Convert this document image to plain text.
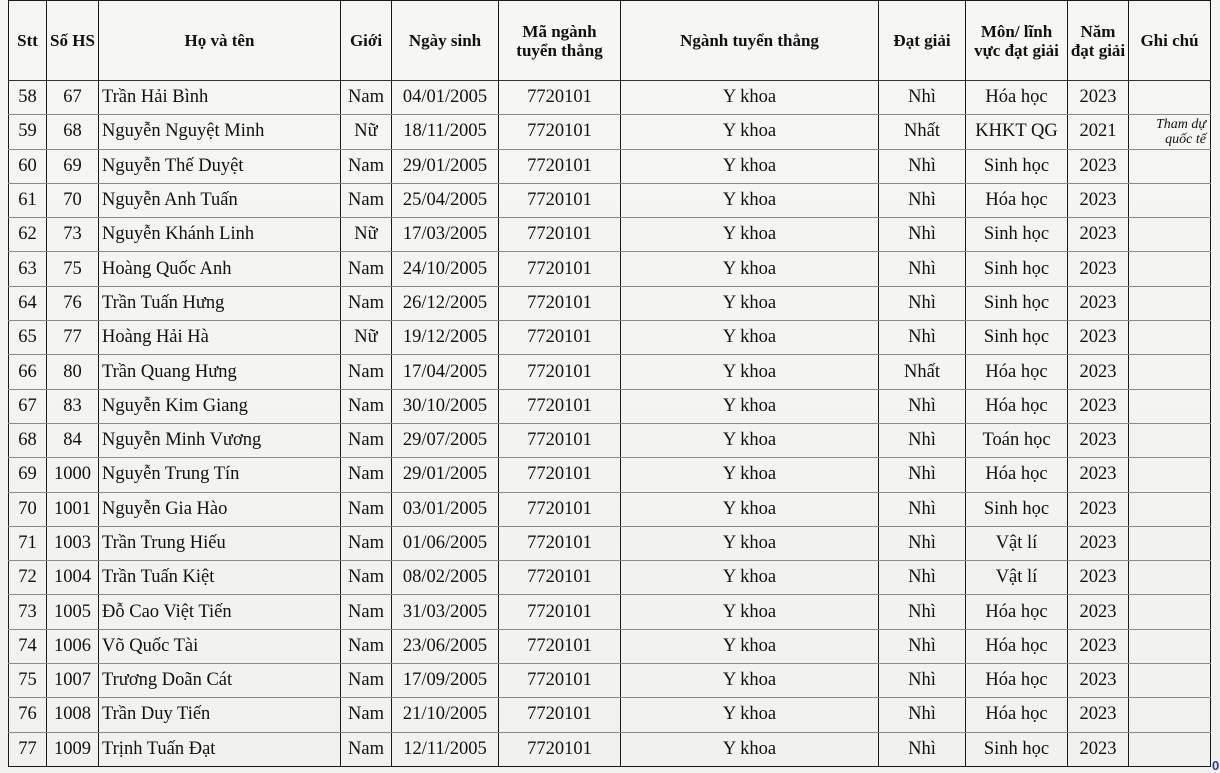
Stt	Số HS	Họ và tên	Giới	Ngày sinh	Mã ngành tuyển thẳng	Ngành tuyển thẳng	Đạt giải	Môn/ lĩnh vực đạt giải	Năm đạt giải	Ghi chú
58	67	Trần Hải Bình	Nam	04/01/2005	7720101	Y khoa	Nhì	Hóa học	2023	
59	68	Nguyễn Nguyệt Minh	Nữ	18/11/2005	7720101	Y khoa	Nhất	KHKT QG	2021	Tham dự quốc tế
60	69	Nguyễn Thế Duyệt	Nam	29/01/2005	7720101	Y khoa	Nhì	Sinh học	2023	
61	70	Nguyễn Anh Tuấn	Nam	25/04/2005	7720101	Y khoa	Nhì	Hóa học	2023	
62	73	Nguyễn Khánh Linh	Nữ	17/03/2005	7720101	Y khoa	Nhì	Sinh học	2023	
63	75	Hoàng Quốc Anh	Nam	24/10/2005	7720101	Y khoa	Nhì	Sinh học	2023	
64	76	Trần Tuấn Hưng	Nam	26/12/2005	7720101	Y khoa	Nhì	Sinh học	2023	
65	77	Hoàng Hải Hà	Nữ	19/12/2005	7720101	Y khoa	Nhì	Sinh học	2023	
66	80	Trần Quang Hưng	Nam	17/04/2005	7720101	Y khoa	Nhất	Hóa học	2023	
67	83	Nguyễn Kim Giang	Nam	30/10/2005	7720101	Y khoa	Nhì	Hóa học	2023	
68	84	Nguyễn Minh Vương	Nam	29/07/2005	7720101	Y khoa	Nhì	Toán học	2023	
69	1000	Nguyễn Trung Tín	Nam	29/01/2005	7720101	Y khoa	Nhì	Hóa học	2023	
70	1001	Nguyễn Gia Hào	Nam	03/01/2005	7720101	Y khoa	Nhì	Sinh học	2023	
71	1003	Trần Trung Hiếu	Nam	01/06/2005	7720101	Y khoa	Nhì	Vật lí	2023	
72	1004	Trần Tuấn Kiệt	Nam	08/02/2005	7720101	Y khoa	Nhì	Vật lí	2023	
73	1005	Đỗ Cao Việt Tiến	Nam	31/03/2005	7720101	Y khoa	Nhì	Hóa học	2023	
74	1006	Võ Quốc Tài	Nam	23/06/2005	7720101	Y khoa	Nhì	Hóa học	2023	
75	1007	Trương Doãn Cát	Nam	17/09/2005	7720101	Y khoa	Nhì	Hóa học	2023	
76	1008	Trần Duy Tiến	Nam	21/10/2005	7720101	Y khoa	Nhì	Hóa học	2023	
77	1009	Trịnh Tuấn Đạt	Nam	12/11/2005	7720101	Y khoa	Nhì	Sinh học	2023	
0
